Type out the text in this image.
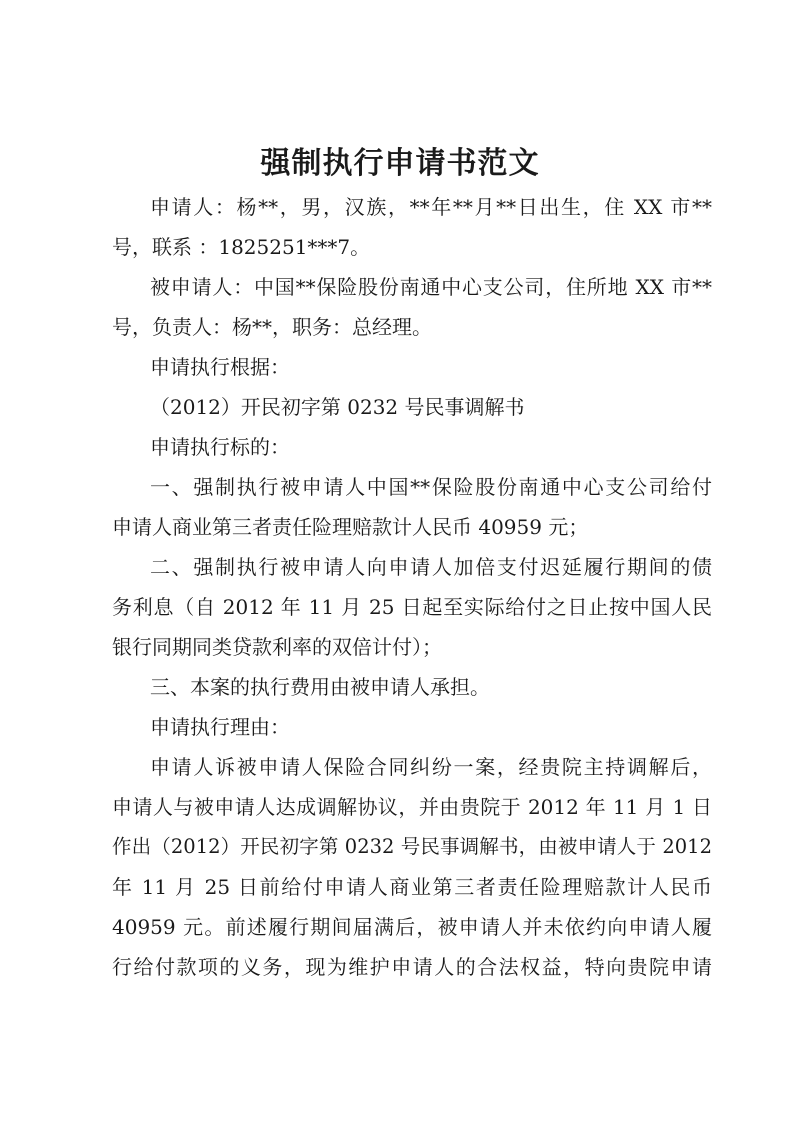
强制执行申请书范文

申请人：杨**，男，汉族，**年**月**日出生，住 XX 市**

号，联系 ：1825251***7。

被申请人：中国**保险股份南通中心支公司，住所地 XX 市**

号，负责人：杨**，职务：总经理。

申请执行根据：

（2012）开民初字第 0232 号民事调解书

申请执行标的：

一、强制执行被申请人中国**保险股份南通中心支公司给付

申请人商业第三者责任险理赔款计人民币 40959 元；

二、强制执行被申请人向申请人加倍支付迟延履行期间的债

务利息（自 2012 年 11 月 25 日起至实际给付之日止按中国人民

银行同期同类贷款利率的双倍计付）；

三、本案的执行费用由被申请人承担。

申请执行理由：

申请人诉被申请人保险合同纠纷一案，经贵院主持调解后，

申请人与被申请人达成调解协议，并由贵院于 2012 年 11 月 1 日

作出（2012）开民初字第 0232 号民事调解书，由被申请人于 2012

年 11 月 25 日前给付申请人商业第三者责任险理赔款计人民币

40959 元。前述履行期间届满后，被申请人并未依约向申请人履

行给付款项的义务，现为维护申请人的合法权益，特向贵院申请
